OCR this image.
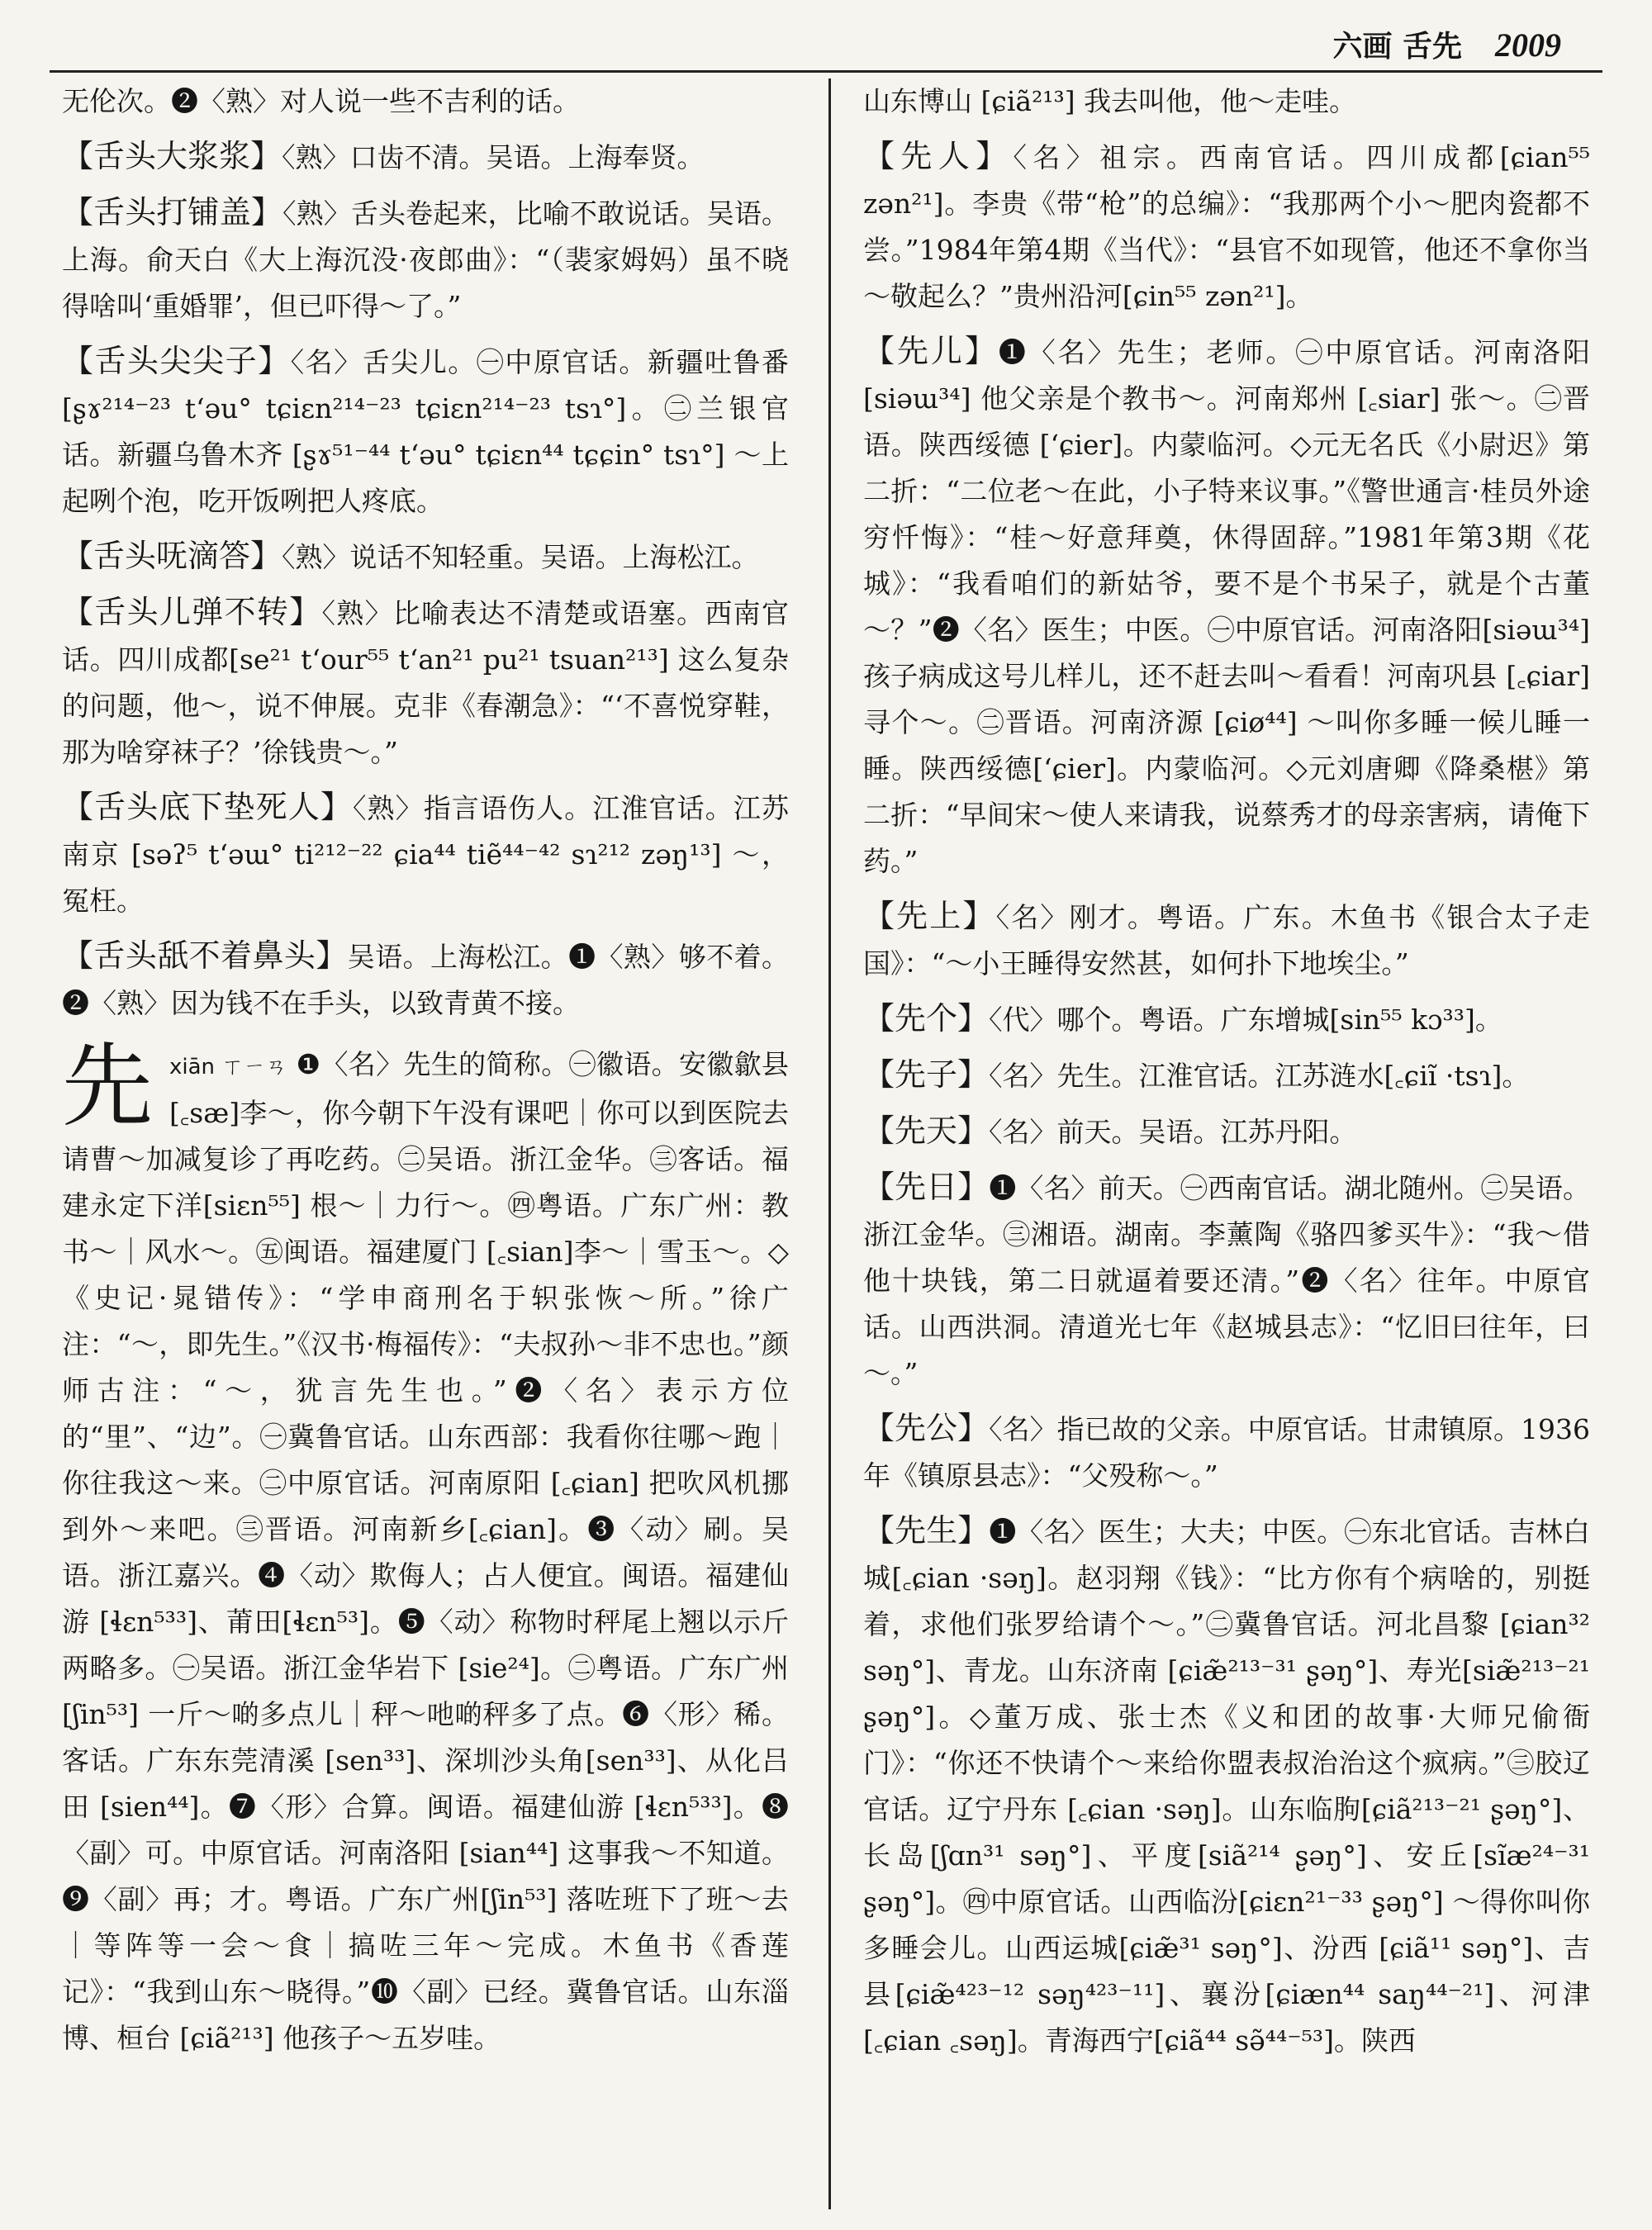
六画 舌先 2009

无伦次。❷〈熟〉对人说一些不吉利的话。

【舌头大浆浆】〈熟〉口齿不清。吴语。上海奉贤。

【舌头打铺盖】〈熟〉舌头卷起来，比喻不敢说话。吴语。上海。俞天白《大上海沉没·夜郎曲》：“（裴家姆妈）虽不晓得啥叫‘重婚罪’，但已吓得～了。”

【舌头尖尖子】〈名〉舌尖儿。㊀中原官话。新疆吐鲁番 [ʂɤ²¹⁴⁻²³ t‘əu° tɕiɛn²¹⁴⁻²³ tɕiɛn²¹⁴⁻²³ tsɿ°]。㊁兰银官话。新疆乌鲁木齐 [ʂɤ⁵¹⁻⁴⁴ t‘əu° tɕiɛn⁴⁴ tɕɕin° tsɿ°] ～上起咧个泡，吃开饭咧把人疼底。

【舌头呒滴答】〈熟〉说话不知轻重。吴语。上海松江。

【舌头儿弹不转】〈熟〉比喻表达不清楚或语塞。西南官话。四川成都[se²¹ t‘our⁵⁵ t‘an²¹ pu²¹ tsuan²¹³] 这么复杂的问题，他～，说不伸展。克非《春潮急》：“‘不喜悦穿鞋，那为啥穿袜子？’徐钱贵～。”

【舌头底下垫死人】〈熟〉指言语伤人。江淮官话。江苏南京 [səʔ⁵ t‘əɯ° ti²¹²⁻²² ɕia⁴⁴ tiẽ⁴⁴⁻⁴² sɿ²¹² zəŋ¹³] ～，冤枉。

【舌头舐不着鼻头】吴语。上海松江。❶〈熟〉够不着。❷〈熟〉因为钱不在手头，以致青黄不接。

先 xiān ㄒㄧㄢ ❶〈名〉先生的简称。㊀徽语。安徽歙县 [꜀sæ]李～，你今朝下午没有课吧｜你可以到医院去请曹～加减复诊了再吃药。㊁吴语。浙江金华。㊂客话。福建永定下洋[siɛn⁵⁵] 根～｜力行～。㊃粤语。广东广州：教书～｜风水～。㊄闽语。福建厦门 [꜀sian]李～｜雪玉～。◇《史记·晁错传》：“学申商刑名于轵张恢～所。”徐广注：“～，即先生。”《汉书·梅福传》：“夫叔孙～非不忠也。”颜师古注：“～，犹言先生也。”❷〈名〉表示方位的“里”、“边”。㊀冀鲁官话。山东西部：我看你往哪～跑｜你往我这～来。㊁中原官话。河南原阳 [꜀ɕian] 把吹风机挪到外～来吧。㊂晋语。河南新乡[꜀ɕian]。❸〈动〉刷。吴语。浙江嘉兴。❹〈动〉欺侮人；占人便宜。闽语。福建仙游 [ɬɛn⁵³³]、莆田[ɬɛn⁵³]。❺〈动〉称物时秤尾上翘以示斤两略多。㊀吴语。浙江金华岩下 [sie²⁴]。㊁粤语。广东广州 [ʃin⁵³] 一斤～啲多点儿｜秤～吔啲秤多了点。❻〈形〉稀。客话。广东东莞清溪 [sen³³]、深圳沙头角[sen³³]、从化吕田 [sien⁴⁴]。❼〈形〉合算。闽语。福建仙游 [ɬɛn⁵³³]。❽〈副〉可。中原官话。河南洛阳 [sian⁴⁴] 这事我～不知道。❾〈副〉再；才。粤语。广东广州[ʃin⁵³] 落咗班下了班～去｜等阵等一会～食｜搞咗三年～完成。木鱼书《香莲记》：“我到山东～晓得。”❿〈副〉已经。冀鲁官话。山东淄博、桓台 [ɕiã²¹³] 他孩子～五岁哇。

山东博山 [ɕiã²¹³] 我去叫他，他～走哇。

【先人】〈名〉祖宗。西南官话。四川成都[ɕian⁵⁵ zən²¹]。李贵《带“枪”的总编》：“我那两个小～肥肉瓷都不尝。”1984年第4期《当代》：“县官不如现管，他还不拿你当～敬起么？”贵州沿河[ɕin⁵⁵ zən²¹]。

【先儿】❶〈名〉先生；老师。㊀中原官话。河南洛阳 [siəɯ³⁴] 他父亲是个教书～。河南郑州 [꜀siar] 张～。㊁晋语。陕西绥德 [‘ɕier]。内蒙临河。◇元无名氏《小尉迟》第二折：“二位老～在此，小子特来议事。”《警世通言·桂员外途穷忏悔》：“桂～好意拜奠，休得固辞。”1981年第3期《花城》：“我看咱们的新姑爷，要不是个书呆子，就是个古董～？”❷〈名〉医生；中医。㊀中原官话。河南洛阳[siəɯ³⁴] 孩子病成这号儿样儿，还不赶去叫～看看！河南巩县 [꜀ɕiar] 寻个～。㊁晋语。河南济源 [ɕiø⁴⁴] ～叫你多睡一候儿睡一睡。陕西绥德[‘ɕier]。内蒙临河。◇元刘唐卿《降桑椹》第二折：“早间宋～使人来请我，说蔡秀才的母亲害病，请俺下药。”

【先上】〈名〉刚才。粤语。广东。木鱼书《银合太子走国》：“～小王睡得安然甚，如何扑下地埃尘。”

【先个】〈代〉哪个。粤语。广东增城[sin⁵⁵ kɔ³³]。

【先子】〈名〉先生。江淮官话。江苏涟水[꜀ɕiĩ ·tsɿ]。

【先天】〈名〉前天。吴语。江苏丹阳。

【先日】❶〈名〉前天。㊀西南官话。湖北随州。㊁吴语。浙江金华。㊂湘语。湖南。李薰陶《骆四爹买牛》：“我～借他十块钱，第二日就逼着要还清。”❷〈名〉往年。中原官话。山西洪洞。清道光七年《赵城县志》：“忆旧曰往年，曰～。”

【先公】〈名〉指已故的父亲。中原官话。甘肃镇原。1936年《镇原县志》：“父殁称～。”

【先生】❶〈名〉医生；大夫；中医。㊀东北官话。吉林白城[꜀ɕian ·səŋ]。赵羽翔《钱》：“比方你有个病啥的，别挺着，求他们张罗给请个～。”㊁冀鲁官话。河北昌黎 [ɕian³² səŋ°]、青龙。山东济南 [ɕiæ̃²¹³⁻³¹ ʂəŋ°]、寿光[siæ̃²¹³⁻²¹ ʂəŋ°]。◇董万成、张士杰《义和团的故事·大师兄偷衙门》：“你还不快请个～来给你盟表叔治治这个疯病。”㊂胶辽官话。辽宁丹东 [꜀ɕian ·səŋ]。山东临朐[ɕiã²¹³⁻²¹ ʂəŋ°]、长岛[ʃɑn³¹ səŋ°]、平度[siã²¹⁴ ʂəŋ°]、安丘[sĩæ²⁴⁻³¹ ʂəŋ°]。㊃中原官话。山西临汾[ɕiɛn²¹⁻³³ ʂəŋ°] ～得你叫你多睡会儿。山西运城[ɕiæ̃³¹ səŋ°]、汾西 [ɕiã¹¹ səŋ°]、吉县[ɕiæ̃⁴²³⁻¹² səŋ⁴²³⁻¹¹]、襄汾[ɕiæn⁴⁴ saŋ⁴⁴⁻²¹]、河津[꜀ɕian ꜀səŋ]。青海西宁[ɕiã⁴⁴ sə̃⁴⁴⁻⁵³]。陕西
